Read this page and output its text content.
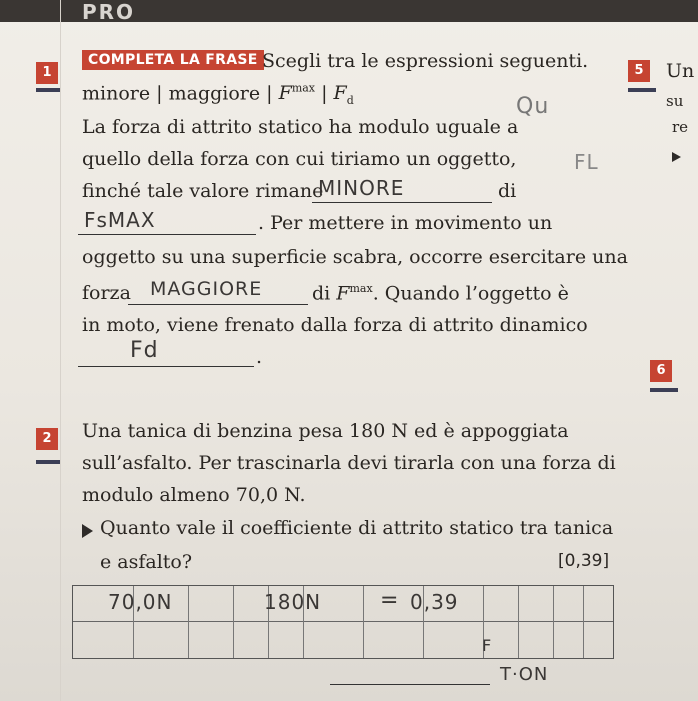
PRO
1
COMPLETA LA FRASE Scegli tra le espressioni seguenti.
minore | maggiore | $F^{max}$ | $F_d$
La forza di attrito statico ha modulo uguale a
quello della forza con cui tiriamo un oggetto,
finché tale valore rimane
MINORE	di
FsMAX	. Per mettere in movimento un
oggetto su una superficie scabra, occorre esercitare una
forza MAGGIORE	di $F^{max}$. Quando l’oggetto è
in moto, viene frenato dalla forza di attrito dinamico
Fd	.
2	Una tanica di benzina pesa 180 N ed è appoggiata
sull’asfalto. Per trascinarla devi tirarla con una forza di
modulo almeno 70,0 N.
Quanto vale il coefficiente di attrito statico tra tanica
e asfalto?	[0,39]
70,0N	180N	= 0,39
F
T·ON
Qu
FL
5	Un
su
re
6
